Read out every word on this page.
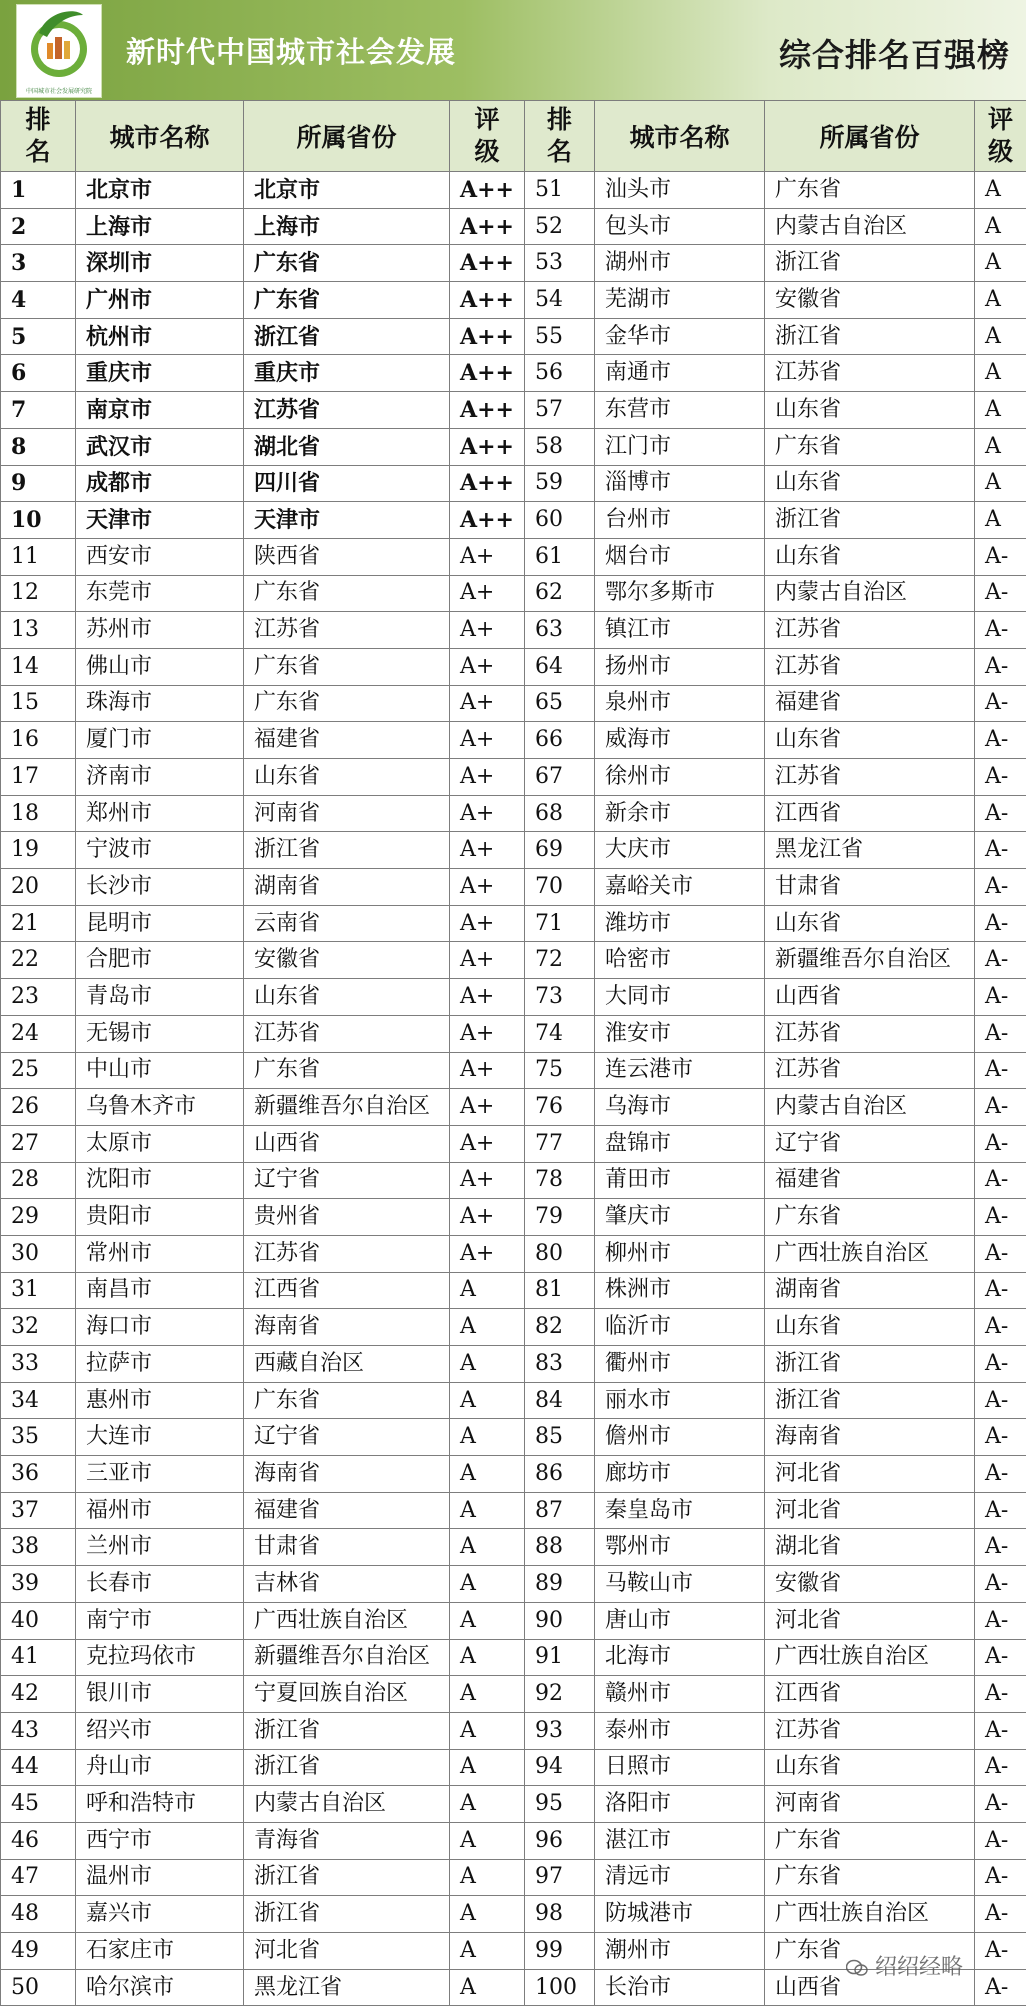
中国城市社会发展研究院
新时代中国城市社会发展	综合排名百强榜
排
名	城市名称	所属省份	评
级	排
名	城市名称	所属省份	评
级
1	北京市	北京市	A++	51	汕头市	广东省	A
2	上海市	上海市	A++	52	包头市	内蒙古自治区	A
3	深圳市	广东省	A++	53	湖州市	浙江省	A
4	广州市	广东省	A++	54	芜湖市	安徽省	A
5	杭州市	浙江省	A++	55	金华市	浙江省	A
6	重庆市	重庆市	A++	56	南通市	江苏省	A
7	南京市	江苏省	A++	57	东营市	山东省	A
8	武汉市	湖北省	A++	58	江门市	广东省	A
9	成都市	四川省	A++	59	淄博市	山东省	A
10	天津市	天津市	A++	60	台州市	浙江省	A
11	西安市	陕西省	A+	61	烟台市	山东省	A-
12	东莞市	广东省	A+	62	鄂尔多斯市	内蒙古自治区	A-
13	苏州市	江苏省	A+	63	镇江市	江苏省	A-
14	佛山市	广东省	A+	64	扬州市	江苏省	A-
15	珠海市	广东省	A+	65	泉州市	福建省	A-
16	厦门市	福建省	A+	66	威海市	山东省	A-
17	济南市	山东省	A+	67	徐州市	江苏省	A-
18	郑州市	河南省	A+	68	新余市	江西省	A-
19	宁波市	浙江省	A+	69	大庆市	黑龙江省	A-
20	长沙市	湖南省	A+	70	嘉峪关市	甘肃省	A-
21	昆明市	云南省	A+	71	潍坊市	山东省	A-
22	合肥市	安徽省	A+	72	哈密市	新疆维吾尔自治区	A-
23	青岛市	山东省	A+	73	大同市	山西省	A-
24	无锡市	江苏省	A+	74	淮安市	江苏省	A-
25	中山市	广东省	A+	75	连云港市	江苏省	A-
26	乌鲁木齐市	新疆维吾尔自治区	A+	76	乌海市	内蒙古自治区	A-
27	太原市	山西省	A+	77	盘锦市	辽宁省	A-
28	沈阳市	辽宁省	A+	78	莆田市	福建省	A-
29	贵阳市	贵州省	A+	79	肇庆市	广东省	A-
30	常州市	江苏省	A+	80	柳州市	广西壮族自治区	A-
31	南昌市	江西省	A	81	株洲市	湖南省	A-
32	海口市	海南省	A	82	临沂市	山东省	A-
33	拉萨市	西藏自治区	A	83	衢州市	浙江省	A-
34	惠州市	广东省	A	84	丽水市	浙江省	A-
35	大连市	辽宁省	A	85	儋州市	海南省	A-
36	三亚市	海南省	A	86	廊坊市	河北省	A-
37	福州市	福建省	A	87	秦皇岛市	河北省	A-
38	兰州市	甘肃省	A	88	鄂州市	湖北省	A-
39	长春市	吉林省	A	89	马鞍山市	安徽省	A-
40	南宁市	广西壮族自治区	A	90	唐山市	河北省	A-
41	克拉玛依市	新疆维吾尔自治区	A	91	北海市	广西壮族自治区	A-
42	银川市	宁夏回族自治区	A	92	赣州市	江西省	A-
43	绍兴市	浙江省	A	93	泰州市	江苏省	A-
44	舟山市	浙江省	A	94	日照市	山东省	A-
45	呼和浩特市	内蒙古自治区	A	95	洛阳市	河南省	A-
46	西宁市	青海省	A	96	湛江市	广东省	A-
47	温州市	浙江省	A	97	清远市	广东省	A-
48	嘉兴市	浙江省	A	98	防城港市	广西壮族自治区	A-
49	石家庄市	河北省	A	99	潮州市	广东省	A-
50	哈尔滨市	黑龙江省	A	100	长治市	山西省	A-
绍绍经略
